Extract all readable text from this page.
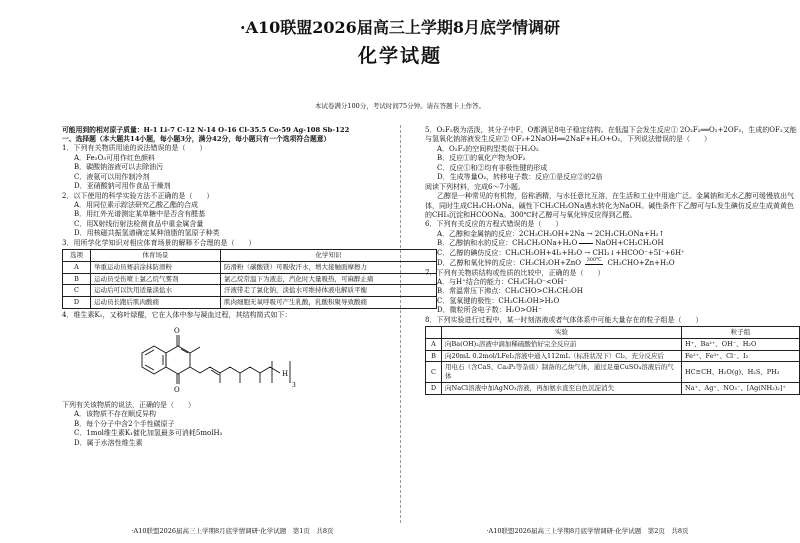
·A10联盟2026届高三上学期8月底学情调研
化学试题
本试卷满分100分，考试时间75分钟。请在答题卡上作答。

可能用到的相对原子质量：H-1 Li-7 C-12 N-14 O-16 Cl-35.5 Co-59 Ag-108 Sb-122

一、选择题（本大题共14小题，每小题3分，满分42分，每小题只有一个选项符合题意）

1．下列有关物质用途的说法错误的是（　　）

A．Fe₂O₃可用作红色颜料

B．碳酸钠溶液可以去除油污

C．液氨可以用作制冷剂

D．亚硝酸钠可用作食品干燥剂

2．以下使用的科学实验方法不正确的是（　　）

A．用同位素示踪法研究乙酸乙酯的合成

B．用红外光谱测定某单糖中是否含有醛基

C．用X射线衍射法检测食品中重金属含量

D．用核磁共振氢谱确定某种油脂的氢原子种类

3．用所学化学知识对相应体育场景的解释不合理的是（　　）

选项	体育场景	化学知识
A	举重运动员赛前涂抹防滑粉	防滑粉（碳酸镁）可吸收汗水，增大接触面摩擦力
B	运动员受伤喷上氯乙烷气雾剂	氯乙烷常温下为液态，汽化时大量吸热，可麻醉止痛
C	运动后可以饮用适量淡盐水	汗液带走了氯化钠，淡盐水可维持体液电解质平衡
D	运动员长跑后肌肉酸痛	肌肉细胞无氧呼吸可产生乳酸，乳酸积聚导致酸痛

4．维生素K₁，又称叶绿醌，它在人体中参与凝血过程，其结构简式如下：

O
O
H
3

下列有关该物质的说法，正确的是（　　）

A．该物质不存在顺反异构

B．每个分子中含2个手性碳原子

C．1mol维生素K₁催化加氢最多可消耗5molH₂

D．属于水溶性维生素

5．O₂F₂极为活泼，其分子中F、O都满足8电子稳定结构。在低温下会发生反应① 2O₂F₂══O₂+2OF₂，生成的OF₂又能与氢氧化钠溶液发生反应② OF₂+2NaOH══2NaF+H₂O+O₂，下列说法错误的是（　　）

A．O₂F₂的空间构型类似于H₂O₂

B．反应①的氧化产物为OF₂

C．反应①和②均有非极性键的形成

D．生成等量O₂，转移电子数：反应①是反应②的2倍

阅读下列材料，完成6～7小题。

乙醇是一种常见的有机物，俗称酒精，与水任意比互溶，在生活和工业中用途广泛。金属钠和无水乙醇可缓慢放出气体，同时生成CH₃CH₂ONa。碱性下CH₃CH₂ONa遇水转化为NaOH。碱性条件下乙醇可与I₂发生碘仿反应生成黄黄色的CHI₃沉淀和HCOONa。300℃时乙醇可与氧化锌反应得到乙醛。

6．下列有关反应的方程式错误的是（　　）

A．乙醇和金属钠的反应：2CH₃CH₂OH+2Na → 2CH₃CH₂ONa+H₂↑

B．乙醇钠和水的反应：CH₃CH₂ONa+H₂O	NaOH+CH₃CH₂OH

C．乙醇的碘仿反应：CH₃CH₂OH+4I₂+H₂O → CHI₃↓+HCOO⁻+5I⁻+6H⁺

D．乙醇和氧化锌的反应：CH₃CH₂OH+ZnO 300℃ CH₃CHO+Zn+H₂O

7．下列有关物质结构或性质的比较中，正确的是（　　）

A．与H⁺结合的能力：CH₃CH₂O⁻<OH⁻

B．常温常压下沸点：CH₃CHO>CH₃CH₂OH

C．氢氧键的极性：CH₃CH₂OH>H₂O

D．微粒所含电子数：H₂O>OH⁻

8．下列实验进行过程中，某一时刻溶液或者气体体系中可能大量存在的粒子组是（　　）

	实验	粒子组
A	向Ba(OH)₂溶液中滴加稀硫酸恰好完全反应前	H⁺、Ba²⁺、OH⁻、H₂O
B	向20mL 0.2mol/LFeI₂溶液中通入112mL（标准状况下）Cl₂，充分反应后	Fe²⁺、Fe³⁺、Cl⁻、I₂
C	用电石（含CaS、Ca₃P₂等杂质）制备的乙炔气体，通过足量CuSO₄溶液后的气体	HC≡CH、H₂O(g)、H₂S、PH₃
D	向NaCl溶液中加AgNO₃溶液，再加氨水直至白色沉淀消失	Na⁺、Ag⁺、NO₃⁻、[Ag(NH₃)₂]⁺
·A10联盟2026届高三上学期8月底学情调研·化学试题　第1页　共8页	·A10联盟2026届高三上学期8月底学情调研·化学试题　第2页　共8页
